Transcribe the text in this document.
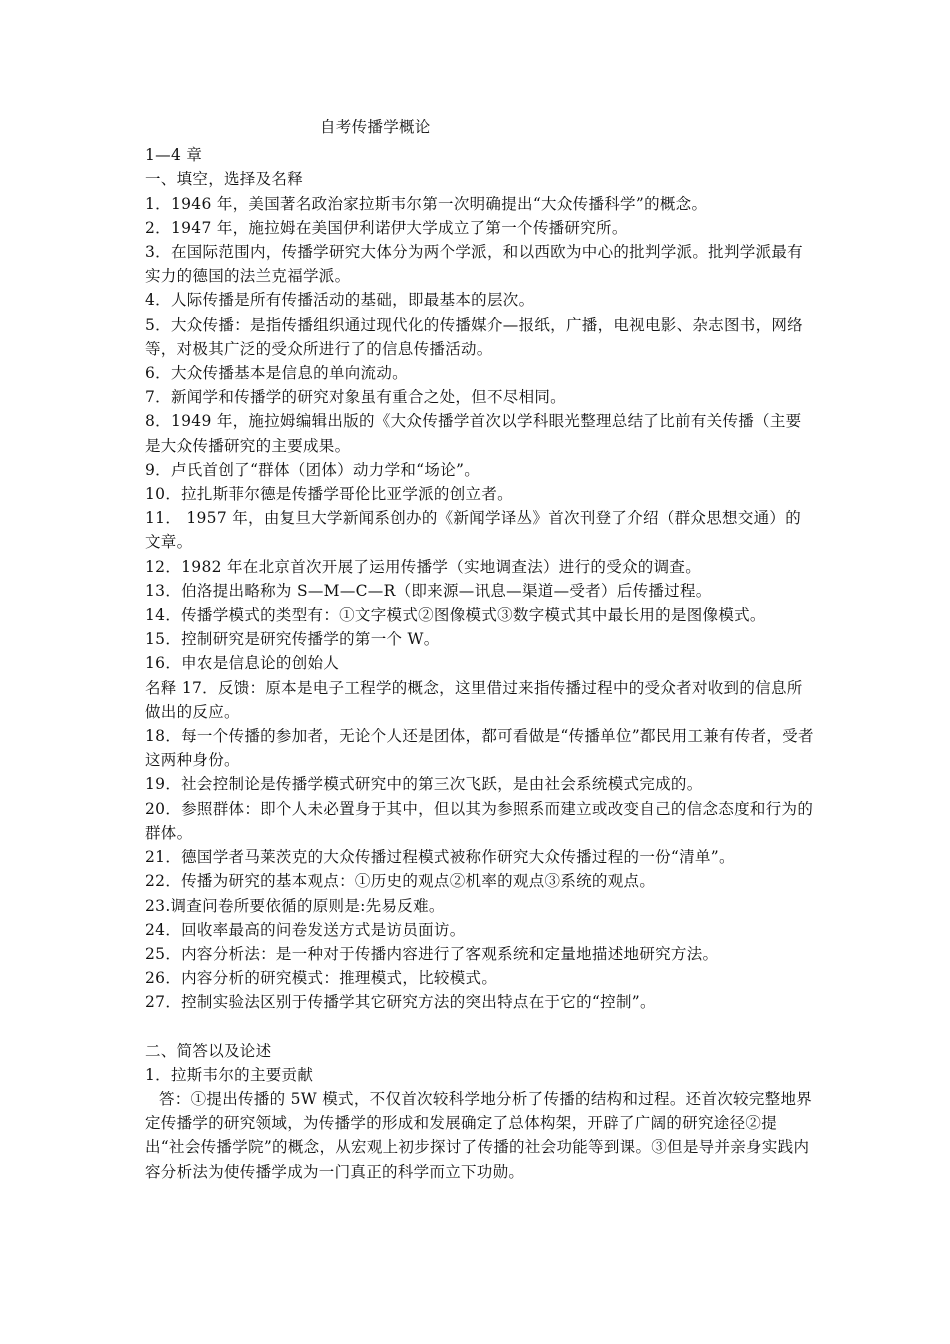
自考传播学概论
1—4 章
一、填空，选择及名释
1．1946 年，美国著名政治家拉斯韦尔第一次明确提出“大众传播科学”的概念。
2．1947 年，施拉姆在美国伊利诺伊大学成立了第一个传播研究所。
3．在国际范围内，传播学研究大体分为两个学派，和以西欧为中心的批判学派。批判学派最有实力的德国的法兰克福学派。
4．人际传播是所有传播活动的基础，即最基本的层次。
5．大众传播：是指传播组织通过现代化的传播媒介—报纸，广播，电视电影、杂志图书，网络等，对极其广泛的受众所进行了的信息传播活动。
6．大众传播基本是信息的单向流动。
7．新闻学和传播学的研究对象虽有重合之处，但不尽相同。
8．1949 年，施拉姆编辑出版的《大众传播学首次以学科眼光整理总结了比前有关传播（主要是大众传播研究的主要成果。
9．卢氏首创了“群体（团体）动力学和“场论”。
10．拉扎斯菲尔德是传播学哥伦比亚学派的创立者。
11． 1957 年，由复旦大学新闻系创办的《新闻学译丛》首次刊登了介绍（群众思想交通）的文章。
12．1982 年在北京首次开展了运用传播学（实地调查法）进行的受众的调查。
13．伯洛提出略称为 S—M—C—R（即来源—讯息—渠道—受者）后传播过程。
14．传播学模式的类型有：①文字模式②图像模式③数字模式其中最长用的是图像模式。
15．控制研究是研究传播学的第一个 W。
16．申农是信息论的创始人
名释 17．反馈：原本是电子工程学的概念，这里借过来指传播过程中的受众者对收到的信息所做出的反应。
18．每一个传播的参加者，无论个人还是团体，都可看做是“传播单位”都民用工兼有传者，受者这两种身份。
19．社会控制论是传播学模式研究中的第三次飞跃，是由社会系统模式完成的。
20．参照群体：即个人未必置身于其中，但以其为参照系而建立或改变自己的信念态度和行为的群体。
21．德国学者马莱茨克的大众传播过程模式被称作研究大众传播过程的一份“清单”。
22．传播为研究的基本观点：①历史的观点②机率的观点③系统的观点。
23.调查问卷所要依循的原则是:先易反难。
24．回收率最高的问卷发送方式是访员面访。
25．内容分析法：是一种对于传播内容进行了客观系统和定量地描述地研究方法。
26．内容分析的研究模式：推理模式，比较模式。
27．控制实验法区别于传播学其它研究方法的突出特点在于它的“控制”。
二、简答以及论述
1．拉斯韦尔的主要贡献
答：①提出传播的 5W 模式，不仅首次较科学地分析了传播的结构和过程。还首次较完整地界定传播学的研究领域，为传播学的形成和发展确定了总体构架，开辟了广阔的研究途径②提出“社会传播学院”的概念，从宏观上初步探讨了传播的社会功能等到课。③但是导并亲身实践内容分析法为使传播学成为一门真正的科学而立下功勋。
